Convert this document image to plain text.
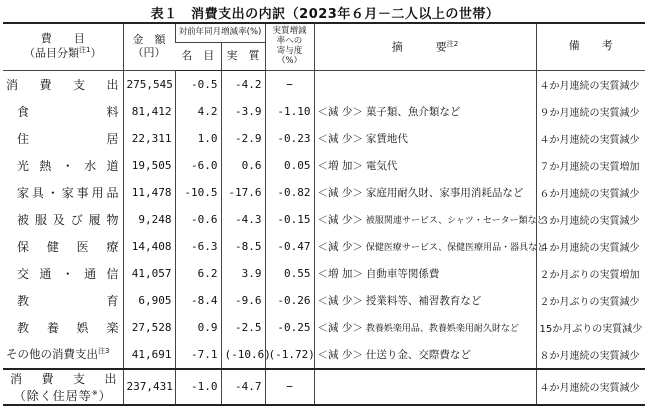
表１　消費支出の内訳（2023年６月－二人以上の世帯）
費　　目
（品目分類$^{注1}$）	金　額
（円）	対前年同月増減率(%)		実質増減
率への
寄与度
（%）	摘　　　要$^{注2}$	備　　考
		名　目	実　質			
消費支出	275,545	-0.5	-4.2	−		４か月連続の実質減少
食料	81,412	4.2	-3.9	-1.10	＜減 少＞ 菓子類、魚介類など	９か月連続の実質減少
住居	22,311	1.0	-2.9	-0.23	＜減 少＞ 家賃地代	４か月連続の実質減少
光熱・水道	19,505	-6.0	0.6	0.05	＜増 加＞ 電気代	７か月連続の実質増加
家具・家事用品	11,478	-10.5	-17.6	-0.82	＜減 少＞ 家庭用耐久財、家事用消耗品など	６か月連続の実質減少
被服及び履物	9,248	-0.6	-4.3	-0.15	＜減 少＞ 被服関連サービス、シャツ・セーター類など	３か月連続の実質減少
保健医療	14,408	-6.3	-8.5	-0.47	＜減 少＞ 保健医療サービス、保健医療用品・器具など	４か月連続の実質減少
交通・通信	41,057	6.2	3.9	0.55	＜増 加＞ 自動車等関係費	２か月ぶりの実質増加
教育	6,905	-8.4	-9.6	-0.26	＜減 少＞ 授業料等、補習教育など	２か月ぶりの実質減少
教養娯楽	27,528	0.9	-2.5	-0.25	＜減 少＞ 教養娯楽用品、教養娯楽用耐久財など	15か月ぶりの実質減少
その他の消費支出$^{注3}$	41,691	-7.1	(-10.6)	(-1.72)	＜減 少＞ 仕送り金、交際費など	８か月連続の実質減少

消費支出
（除く住居等※）	237,431	-1.0	-4.7	−		４か月連続の実質減少
